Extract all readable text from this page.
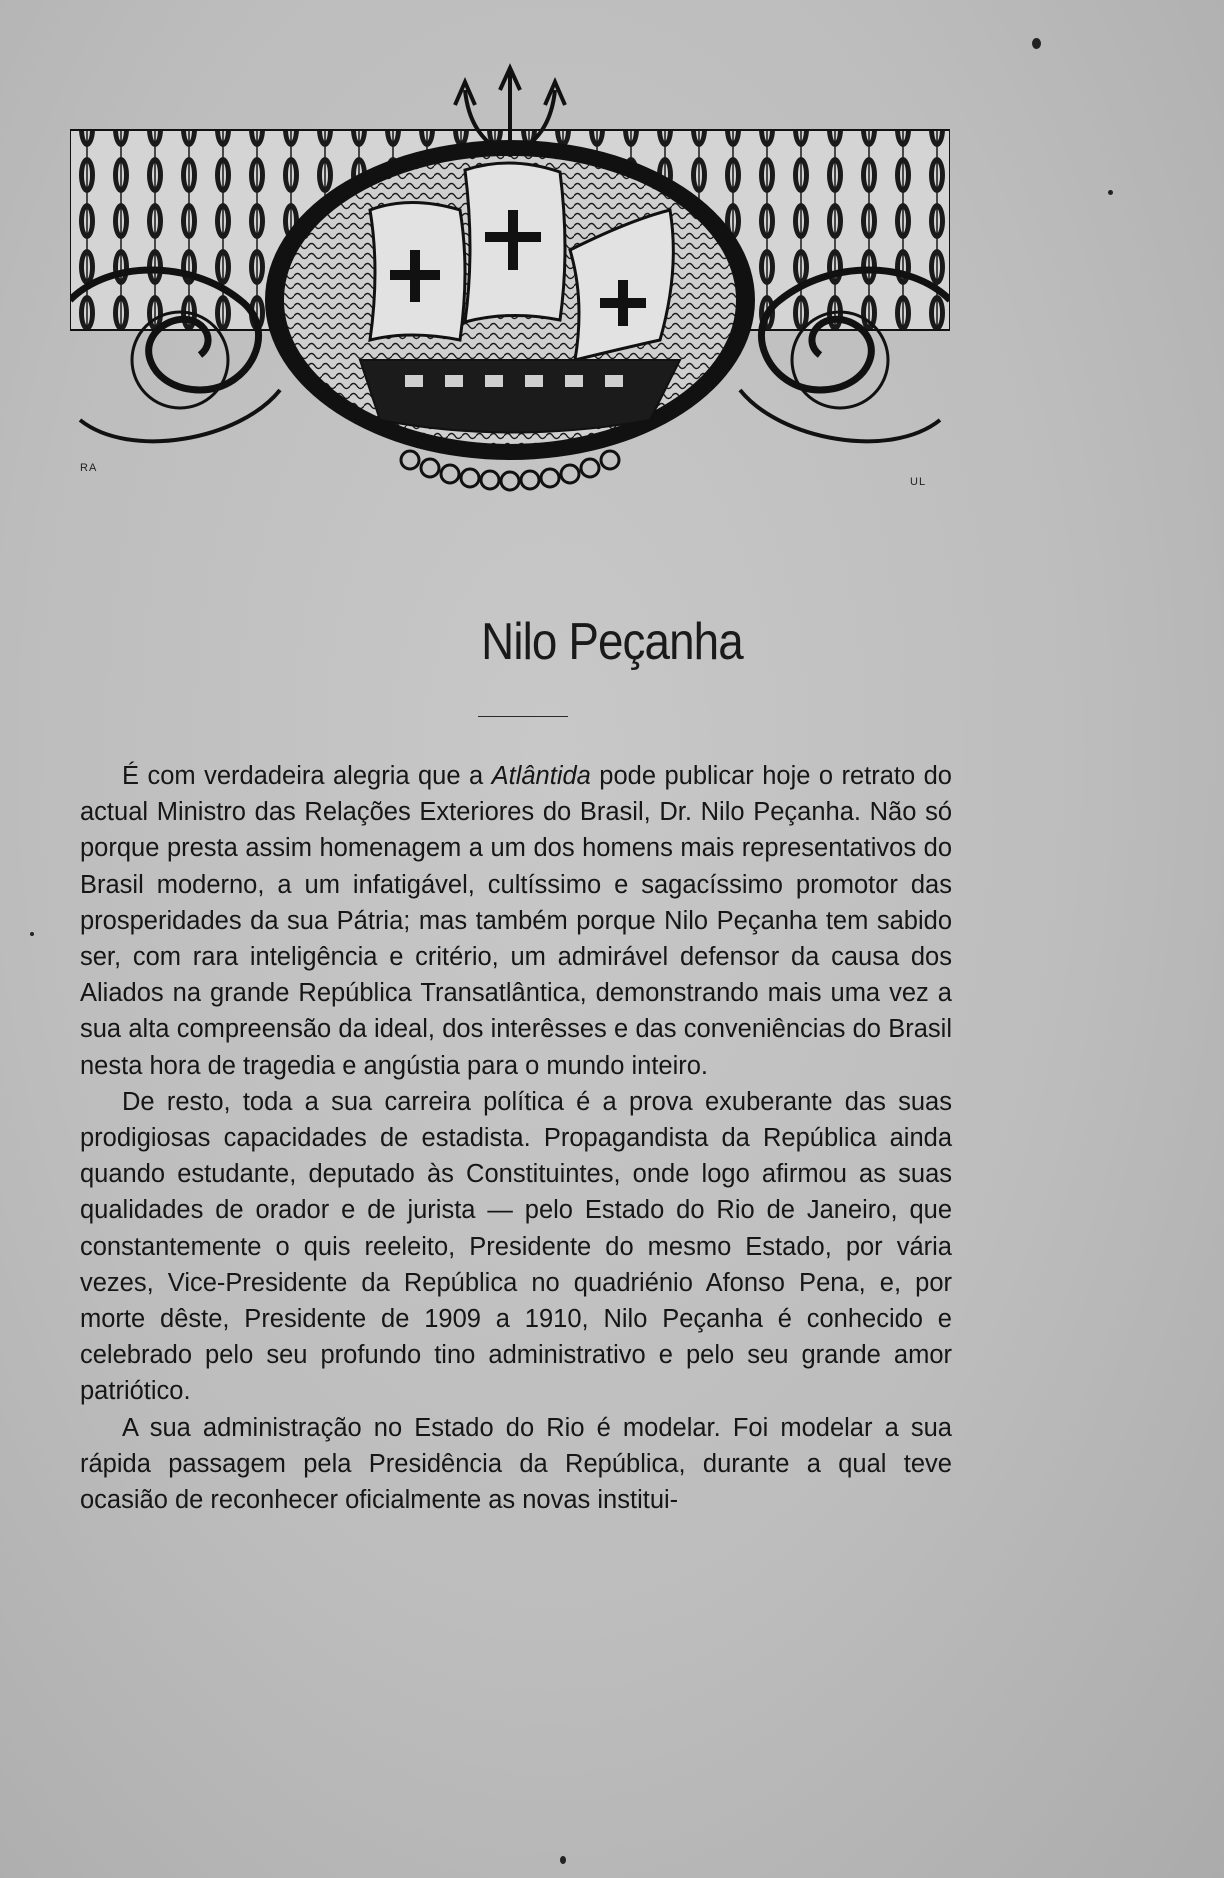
RA
UL
Nilo Peçanha

É com verdadeira alegria que a Atlântida pode publicar hoje o retrato do actual Ministro das Relações Exteriores do Brasil, Dr. Nilo Peçanha. Não só porque presta assim homenagem a um dos homens mais representativos do Brasil moderno, a um infatigável, cultíssimo e sagacíssimo promotor das prosperidades da sua Pátria; mas também porque Nilo Peçanha tem sabido ser, com rara inteligência e critério, um admirável defensor da causa dos Aliados na grande República Transatlântica, demonstrando mais uma vez a sua alta compreensão da ideal, dos interêsses e das conveniências do Brasil nesta hora de tragedia e angústia para o mundo inteiro.

De resto, toda a sua carreira política é a prova exuberante das suas prodigiosas capacidades de estadista. Propagandista da República ainda quando estudante, deputado às Constituintes, onde logo afirmou as suas qualidades de orador e de jurista — pelo Estado do Rio de Janeiro, que constantemente o quis reeleito, Presidente do mesmo Estado, por vária vezes, Vice-Presidente da República no quadriénio Afonso Pena, e, por morte dêste, Presidente de 1909 a 1910, Nilo Peçanha é conhecido e celebrado pelo seu profundo tino administrativo e pelo seu grande amor patriótico.

A sua administração no Estado do Rio é modelar. Foi modelar a sua rápida passagem pela Presidência da República, durante a qual teve ocasião de reconhecer oficialmente as novas institui-
